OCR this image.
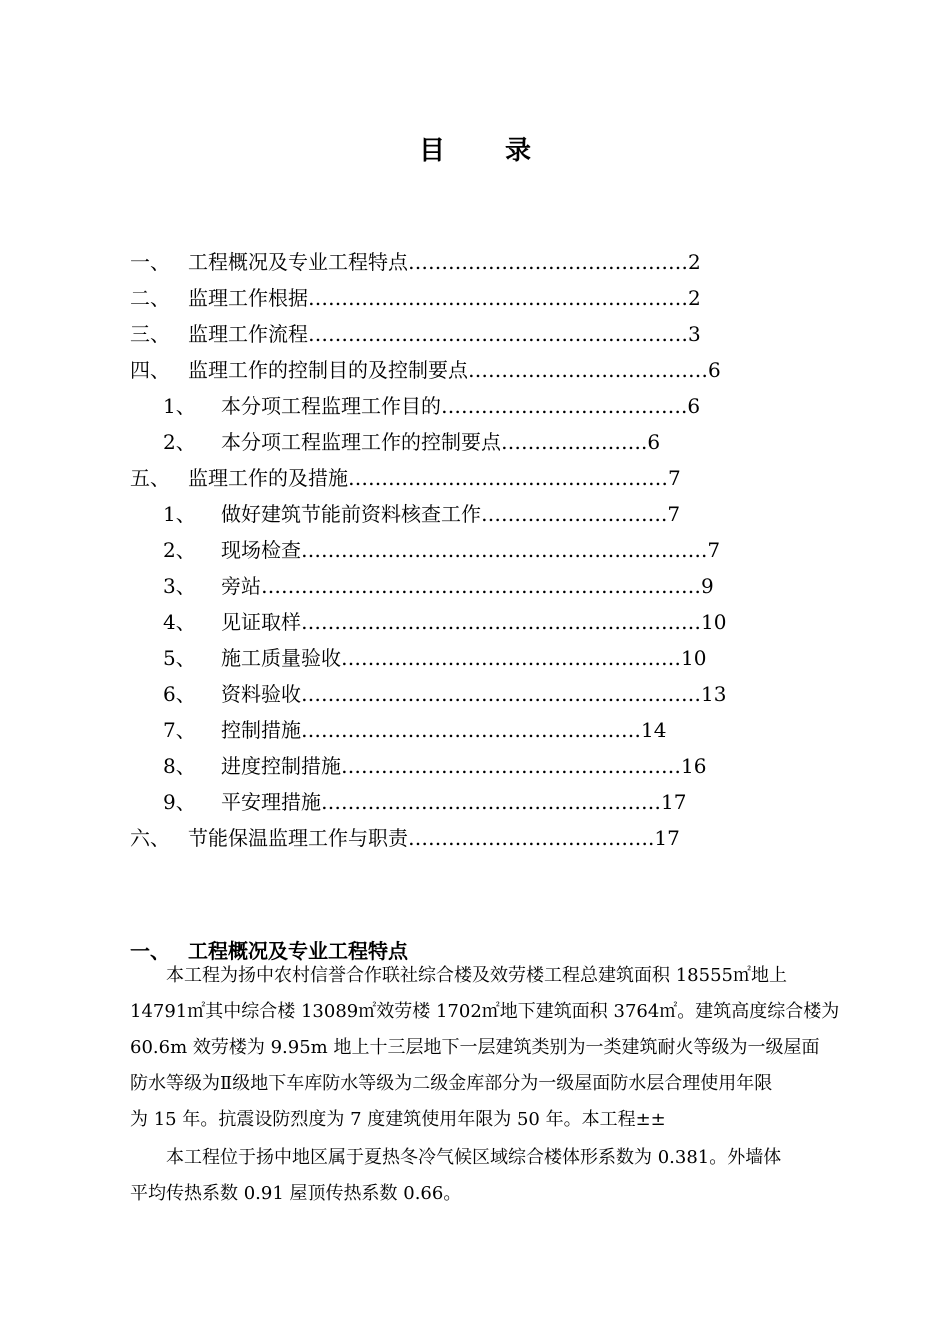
目 录
一、 工程概况及专业工程特点……………………………………2
二、 监理工作根据…………………………………………………2
三、 监理工作流程…………………………………………………3
四、 监理工作的控制目的及控制要点………………………………6
1、 本分项工程监理工作目的……………………………….6
2、 本分项工程监理工作的控制要点………………….6
五、 监理工作的及措施…………………………………………7
1、 做好建筑节能前资料核查工作……………………….7
2、 现场检查…………………………………………………….7
3、 旁站…………………………………………………………9
4、 见证取样……………………………………………………10
5、 施工质量验收……………………………………………10
6、 资料验收……………………………………………………13
7、 控制措施……………………………………………14
8、 进度控制措施……………………………………………16
9、 平安理措施……………………………………………17
六、 节能保温监理工作与职责……………………………….17
一、 工程概况及专业工程特点
　　本工程为扬中农村信誉合作联社综合楼及效劳楼工程总建筑面积 18555㎡地上
14791㎡其中综合楼 13089㎡效劳楼 1702㎡地下建筑面积 3764㎡。建筑高度综合楼为
60.6m 效劳楼为 9.95m 地上十三层地下一层建筑类别为一类建筑耐火等级为一级屋面
防水等级为Ⅱ级地下车库防水等级为二级金库部分为一级屋面防水层合理使用年限
为 15 年。抗震设防烈度为 7 度建筑使用年限为 50 年。本工程±±
　　本工程位于扬中地区属于夏热冬冷气候区域综合楼体形系数为 0.381。外墙体
平均传热系数 0.91 屋顶传热系数 0.66。
